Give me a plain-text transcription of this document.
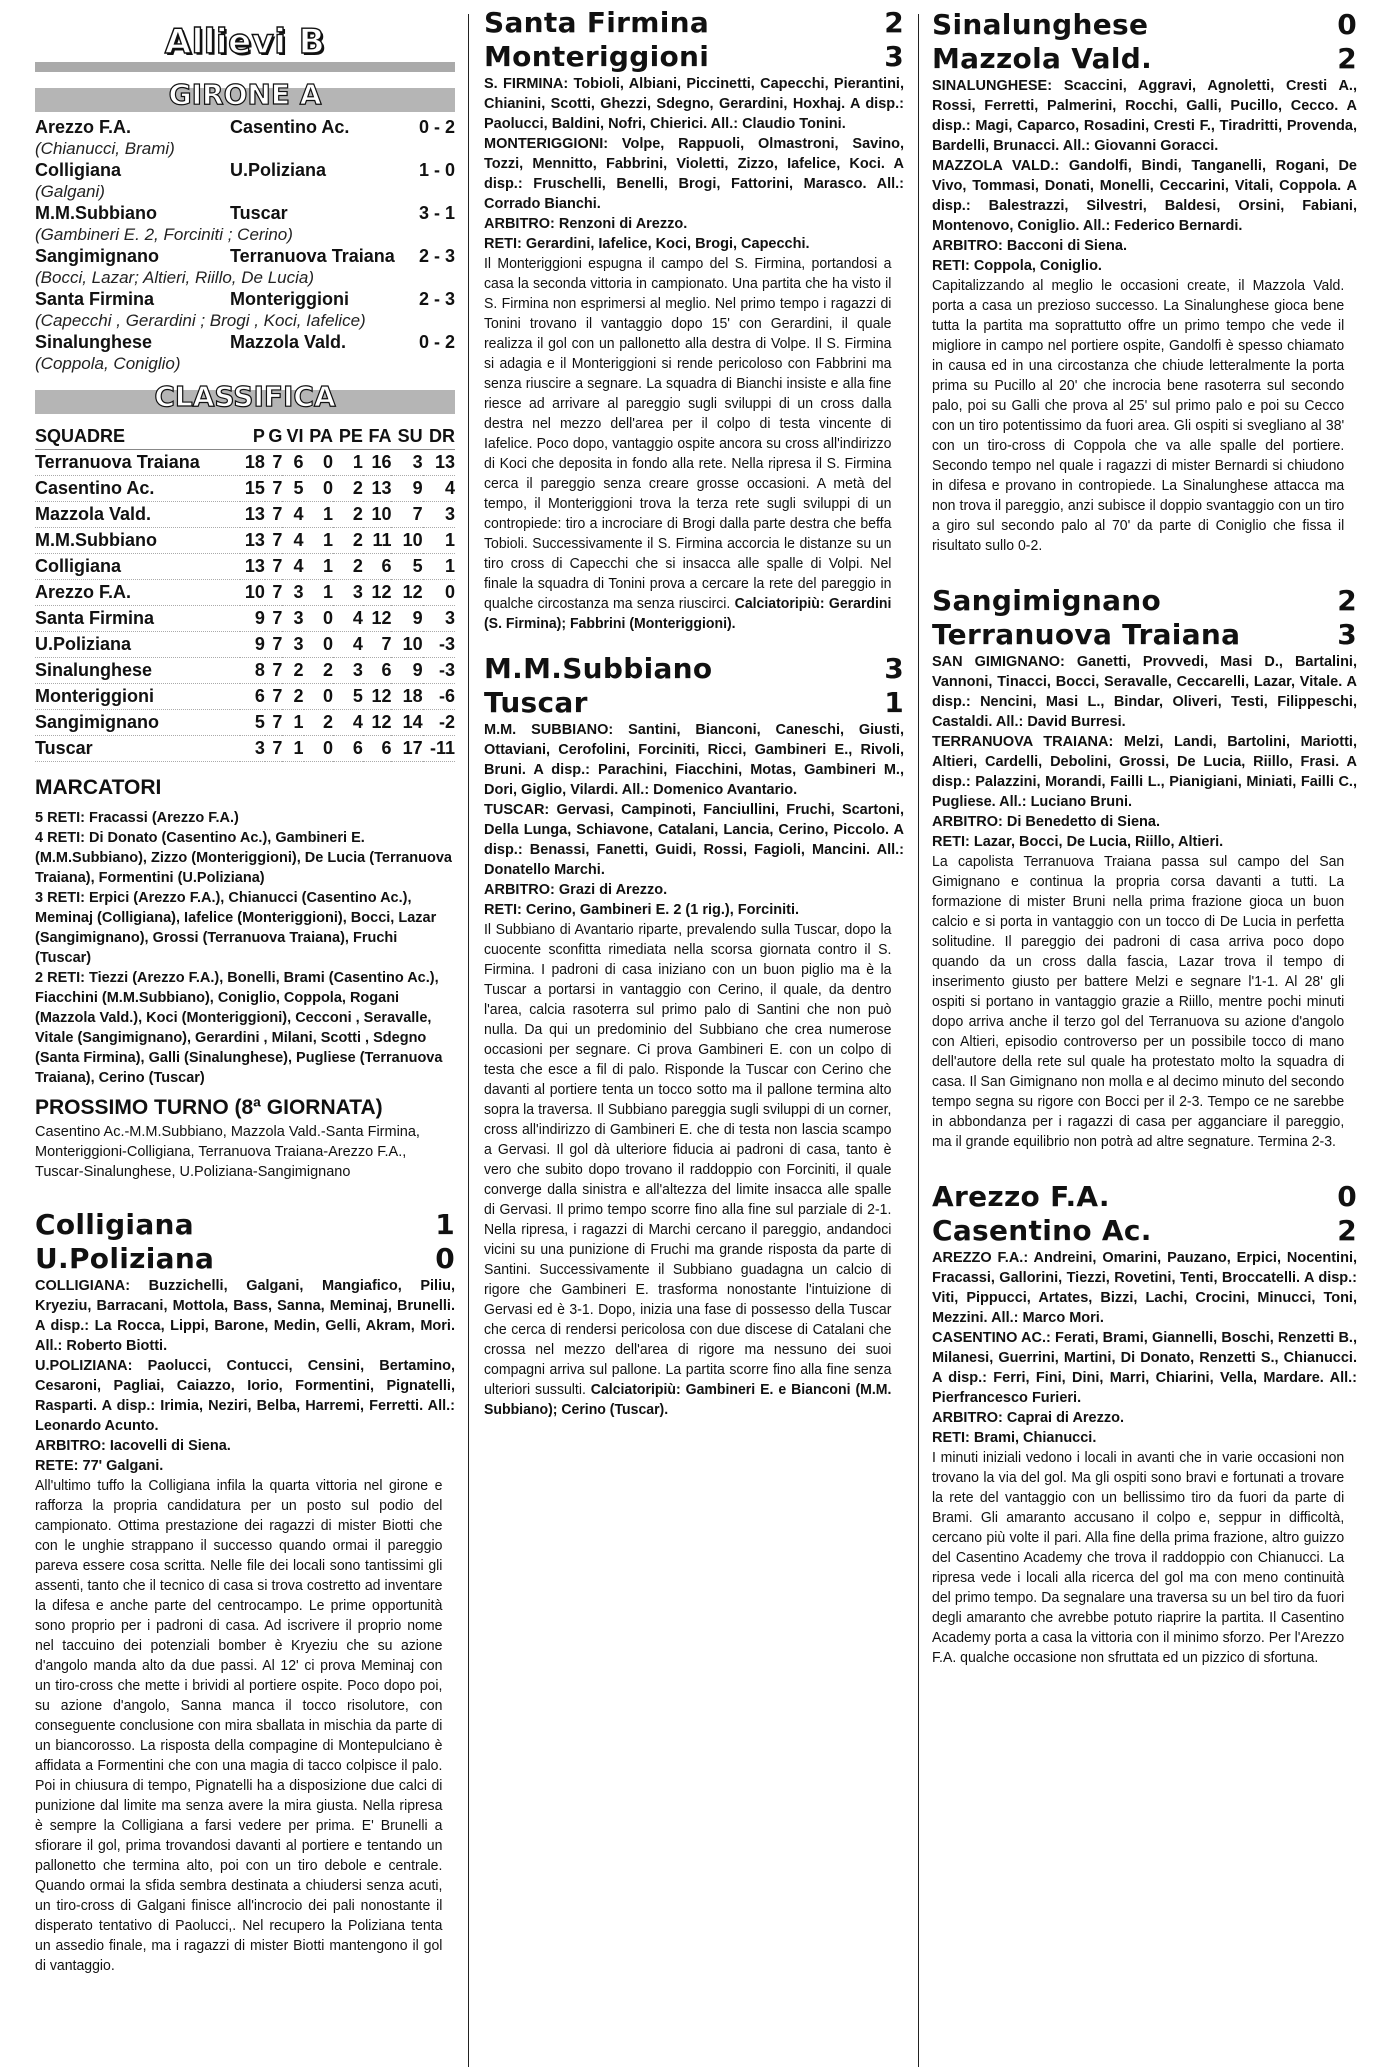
Allievi B
GIRONE A
Arezzo F.A.	Casentino Ac.	0 - 2
(Chianucci, Brami)
Colligiana	U.Poliziana	1 - 0
(Galgani)
M.M.Subbiano	Tuscar	3 - 1
(Gambineri E. 2, Forciniti ; Cerino)
Sangimignano	Terranuova Traiana	2 - 3
(Bocci, Lazar; Altieri, Riillo, De Lucia)
Santa Firmina	Monteriggioni	2 - 3
(Capecchi , Gerardini ; Brogi , Koci, Iafelice)
Sinalunghese	Mazzola Vald.	0 - 2
(Coppola, Coniglio)
CLASSIFICA
SQUADRE	P	G	VI	PA	PE	FA	SU	DR
Terranuova Traiana	18	7	6	0	1	16	3	13
Casentino Ac.	15	7	5	0	2	13	9	4
Mazzola Vald.	13	7	4	1	2	10	7	3
M.M.Subbiano	13	7	4	1	2	11	10	1
Colligiana	13	7	4	1	2	6	5	1
Arezzo F.A.	10	7	3	1	3	12	12	0
Santa Firmina	9	7	3	0	4	12	9	3
U.Poliziana	9	7	3	0	4	7	10	-3
Sinalunghese	8	7	2	2	3	6	9	-3
Monteriggioni	6	7	2	0	5	12	18	-6
Sangimignano	5	7	1	2	4	12	14	-2
Tuscar	3	7	1	0	6	6	17	-11
MARCATORI
5 RETI: Fracassi (Arezzo F.A.)
4 RETI: Di Donato (Casentino Ac.), Gambineri E. (M.M.Subbiano), Zizzo (Monteriggioni), De Lucia (Terranuova Traiana), Formentini (U.Poliziana)
3 RETI: Erpici (Arezzo F.A.), Chianucci (Casentino Ac.), Meminaj (Colligiana), Iafelice (Monteriggioni), Bocci, Lazar (Sangimignano), Grossi (Terranuova Traiana), Fruchi (Tuscar)
2 RETI: Tiezzi (Arezzo F.A.), Bonelli, Brami (Casentino Ac.), Fiacchini (M.M.Subbiano), Coniglio, Coppola, Rogani (Mazzola Vald.), Koci (Monteriggioni), Cecconi , Seravalle, Vitale (Sangimignano), Gerardini , Milani, Scotti , Sdegno (Santa Firmina), Galli (Sinalunghese), Pugliese (Terranuova Traiana), Cerino (Tuscar)
PROSSIMO TURNO (8ª GIORNATA)
Casentino Ac.-M.M.Subbiano, Mazzola Vald.-Santa Firmina, Monteriggioni-Colligiana, Terranuova Traiana-Arezzo F.A., Tuscar-Sinalunghese, U.Poliziana-Sangimignano
Colligiana	1
U.Poliziana	0
COLLIGIANA: Buzzichelli, Galgani, Mangiafico, Piliu, Kryeziu, Barracani, Mottola, Bass, Sanna, Meminaj, Brunelli. A disp.: La Rocca, Lippi, Barone, Medin, Gelli, Akram, Mori. All.: Roberto Biotti.
U.POLIZIANA: Paolucci, Contucci, Censini, Bertamino, Cesaroni, Pagliai, Caiazzo, Iorio, Formentini, Pignatelli, Rasparti. A disp.: Irimia, Neziri, Belba, Harremi, Ferretti. All.: Leonardo Acunto.
ARBITRO: Iacovelli di Siena.
RETE: 77' Galgani.
All'ultimo tuffo la Colligiana infila la quarta vittoria nel girone e rafforza la propria candidatura per un posto sul podio del campionato. Ottima prestazione dei ragazzi di mister Biotti che con le unghie strappano il successo quando ormai il pareggio pareva essere cosa scritta. Nelle file dei locali sono tantissimi gli assenti, tanto che il tecnico di casa si trova costretto ad inventare la difesa e anche parte del centrocampo. Le prime opportunità sono proprio per i padroni di casa. Ad iscrivere il proprio nome nel taccuino dei potenziali bomber è Kryeziu che su azione d'angolo manda alto da due passi. Al 12' ci prova Meminaj con un tiro-cross che mette i brividi al portiere ospite. Poco dopo poi, su azione d'angolo, Sanna manca il tocco risolutore, con conseguente conclusione con mira sballata in mischia da parte di un biancorosso. La risposta della compagine di Montepulciano è affidata a Formentini che con una magia di tacco colpisce il palo. Poi in chiusura di tempo, Pignatelli ha a disposizione due calci di punizione dal limite ma senza avere la mira giusta. Nella ripresa è sempre la Colligiana a farsi vedere per prima. E' Brunelli a sfiorare il gol, prima trovandosi davanti al portiere e tentando un pallonetto che termina alto, poi con un tiro debole e centrale. Quando ormai la sfida sembra destinata a chiudersi senza acuti, un tiro-cross di Galgani finisce all'incrocio dei pali nonostante il disperato tentativo di Paolucci,. Nel recupero la Poliziana tenta un assedio finale, ma i ragazzi di mister Biotti mantengono il gol di vantaggio.
Santa Firmina	2
Monteriggioni	3
S. FIRMINA: Tobioli, Albiani, Piccinetti, Capecchi, Pierantini, Chianini, Scotti, Ghezzi, Sdegno, Gerardini, Hoxhaj. A disp.: Paolucci, Baldini, Nofri, Chierici. All.: Claudio Tonini.
MONTERIGGIONI: Volpe, Rappuoli, Olmastroni, Savino, Tozzi, Mennitto, Fabbrini, Violetti, Zizzo, Iafelice, Koci. A disp.: Fruschelli, Benelli, Brogi, Fattorini, Marasco. All.: Corrado Bianchi.
ARBITRO: Renzoni di Arezzo.
RETI: Gerardini, Iafelice, Koci, Brogi, Capecchi.
Il Monteriggioni espugna il campo del S. Firmina, portandosi a casa la seconda vittoria in campionato. Una partita che ha visto il S. Firmina non esprimersi al meglio. Nel primo tempo i ragazzi di Tonini trovano il vantaggio dopo 15' con Gerardini, il quale realizza il gol con un pallonetto alla destra di Volpe. Il S. Firmina si adagia e il Monteriggioni si rende pericoloso con Fabbrini ma senza riuscire a segnare. La squadra di Bianchi insiste e alla fine riesce ad arrivare al pareggio sugli sviluppi di un cross dalla destra nel mezzo dell'area per il colpo di testa vincente di Iafelice. Poco dopo, vantaggio ospite ancora su cross all'indirizzo di Koci che deposita in fondo alla rete. Nella ripresa il S. Firmina cerca il pareggio senza creare grosse occasioni. A metà del tempo, il Monteriggioni trova la terza rete sugli sviluppi di un contropiede: tiro a incrociare di Brogi dalla parte destra che beffa Tobioli. Successivamente il S. Firmina accorcia le distanze su un tiro cross di Capecchi che si insacca alle spalle di Volpi. Nel finale la squadra di Tonini prova a cercare la rete del pareggio in qualche circostanza ma senza riuscirci. Calciatoripiù: Gerardini (S. Firmina); Fabbrini (Monteriggioni).
M.M.Subbiano	3
Tuscar	1
M.M. SUBBIANO: Santini, Bianconi, Caneschi, Giusti, Ottaviani, Cerofolini, Forciniti, Ricci, Gambineri E., Rivoli, Bruni. A disp.: Parachini, Fiacchini, Motas, Gambineri M., Dori, Giglio, Vilardi. All.: Domenico Avantario.
TUSCAR: Gervasi, Campinoti, Fanciullini, Fruchi, Scartoni, Della Lunga, Schiavone, Catalani, Lancia, Cerino, Piccolo. A disp.: Benassi, Fanetti, Guidi, Rossi, Fagioli, Mancini. All.: Donatello Marchi.
ARBITRO: Grazi di Arezzo.
RETI: Cerino, Gambineri E. 2 (1 rig.), Forciniti.
Il Subbiano di Avantario riparte, prevalendo sulla Tuscar, dopo la cuocente sconfitta rimediata nella scorsa giornata contro il S. Firmina. I padroni di casa iniziano con un buon piglio ma è la Tuscar a portarsi in vantaggio con Cerino, il quale, da dentro l'area, calcia rasoterra sul primo palo di Santini che non può nulla. Da qui un predominio del Subbiano che crea numerose occasioni per segnare. Ci prova Gambineri E. con un colpo di testa che esce a fil di palo. Risponde la Tuscar con Cerino che davanti al portiere tenta un tocco sotto ma il pallone termina alto sopra la traversa. Il Subbiano pareggia sugli sviluppi di un corner, cross all'indirizzo di Gambineri E. che di testa non lascia scampo a Gervasi. Il gol dà ulteriore fiducia ai padroni di casa, tanto è vero che subito dopo trovano il raddoppio con Forciniti, il quale converge dalla sinistra e all'altezza del limite insacca alle spalle di Gervasi. Il primo tempo scorre fino alla fine sul parziale di 2-1. Nella ripresa, i ragazzi di Marchi cercano il pareggio, andandoci vicini su una punizione di Fruchi ma grande risposta da parte di Santini. Successivamente il Subbiano guadagna un calcio di rigore che Gambineri E. trasforma nonostante l'intuizione di Gervasi ed è 3-1. Dopo, inizia una fase di possesso della Tuscar che cerca di rendersi pericolosa con due discese di Catalani che crossa nel mezzo dell'area di rigore ma nessuno dei suoi compagni arriva sul pallone. La partita scorre fino alla fine senza ulteriori sussulti. Calciatoripiù: Gambineri E. e Bianconi (M.M. Subbiano); Cerino (Tuscar).
Sinalunghese	0
Mazzola Vald.	2
SINALUNGHESE: Scaccini, Aggravi, Agnoletti, Cresti A., Rossi, Ferretti, Palmerini, Rocchi, Galli, Pucillo, Cecco. A disp.: Magi, Caparco, Rosadini, Cresti F., Tiradritti, Provenda, Bardelli, Brunacci. All.: Giovanni Goracci.
MAZZOLA VALD.: Gandolfi, Bindi, Tanganelli, Rogani, De Vivo, Tommasi, Donati, Monelli, Ceccarini, Vitali, Coppola. A disp.: Balestrazzi, Silvestri, Baldesi, Orsini, Fabiani, Montenovo, Coniglio. All.: Federico Bernardi.
ARBITRO: Bacconi di Siena.
RETI: Coppola, Coniglio.
Capitalizzando al meglio le occasioni create, il Mazzola Vald. porta a casa un prezioso successo. La Sinalunghese gioca bene tutta la partita ma soprattutto offre un primo tempo che vede il migliore in campo nel portiere ospite, Gandolfi è spesso chiamato in causa ed in una circostanza che chiude letteralmente la porta prima su Pucillo al 20' che incrocia bene rasoterra sul secondo palo, poi su Galli che prova al 25' sul primo palo e poi su Cecco con un tiro potentissimo da fuori area. Gli ospiti si svegliano al 38' con un tiro-cross di Coppola che va alle spalle del portiere. Secondo tempo nel quale i ragazzi di mister Bernardi si chiudono in difesa e provano in contropiede. La Sinalunghese attacca ma non trova il pareggio, anzi subisce il doppio svantaggio con un tiro a giro sul secondo palo al 70' da parte di Coniglio che fissa il risultato sullo 0-2.
Sangimignano	2
Terranuova Traiana	3
SAN GIMIGNANO: Ganetti, Provvedi, Masi D., Bartalini, Vannoni, Tinacci, Bocci, Seravalle, Ceccarelli, Lazar, Vitale. A disp.: Nencini, Masi L., Bindar, Oliveri, Testi, Filippeschi, Castaldi. All.: David Burresi.
TERRANUOVA TRAIANA: Melzi, Landi, Bartolini, Mariotti, Altieri, Cardelli, Debolini, Grossi, De Lucia, Riillo, Frasi. A disp.: Palazzini, Morandi, Failli L., Pianigiani, Miniati, Failli C., Pugliese. All.: Luciano Bruni.
ARBITRO: Di Benedetto di Siena.
RETI: Lazar, Bocci, De Lucia, Riillo, Altieri.
La capolista Terranuova Traiana passa sul campo del San Gimignano e continua la propria corsa davanti a tutti. La formazione di mister Bruni nella prima frazione gioca un buon calcio e si porta in vantaggio con un tocco di De Lucia in perfetta solitudine. Il pareggio dei padroni di casa arriva poco dopo quando da un cross dalla fascia, Lazar trova il tempo di inserimento giusto per battere Melzi e segnare l'1-1. Al 28' gli ospiti si portano in vantaggio grazie a Riillo, mentre pochi minuti dopo arriva anche il terzo gol del Terranuova su azione d'angolo con Altieri, episodio controverso per un possibile tocco di mano dell'autore della rete sul quale ha protestato molto la squadra di casa. Il San Gimignano non molla e al decimo minuto del secondo tempo segna su rigore con Bocci per il 2-3. Tempo ce ne sarebbe in abbondanza per i ragazzi di casa per agganciare il pareggio, ma il grande equilibrio non potrà ad altre segnature. Termina 2-3.
Arezzo F.A.	0
Casentino Ac.	2
AREZZO F.A.: Andreini, Omarini, Pauzano, Erpici, Nocentini, Fracassi, Gallorini, Tiezzi, Rovetini, Tenti, Broccatelli. A disp.: Viti, Pippucci, Artates, Bizzi, Lachi, Crocini, Minucci, Toni, Mezzini. All.: Marco Mori.
CASENTINO AC.: Ferati, Brami, Giannelli, Boschi, Renzetti B., Milanesi, Guerrini, Martini, Di Donato, Renzetti S., Chianucci. A disp.: Ferri, Fini, Dini, Marri, Chiarini, Vella, Mardare. All.: Pierfrancesco Furieri.
ARBITRO: Caprai di Arezzo.
RETI: Brami, Chianucci.
I minuti iniziali vedono i locali in avanti che in varie occasioni non trovano la via del gol. Ma gli ospiti sono bravi e fortunati a trovare la rete del vantaggio con un bellissimo tiro da fuori da parte di Brami. Gli amaranto accusano il colpo e, seppur in difficoltà, cercano più volte il pari. Alla fine della prima frazione, altro guizzo del Casentino Academy che trova il raddoppio con Chianucci. La ripresa vede i locali alla ricerca del gol ma con meno continuità del primo tempo. Da segnalare una traversa su un bel tiro da fuori degli amaranto che avrebbe potuto riaprire la partita. Il Casentino Academy porta a casa la vittoria con il minimo sforzo. Per l'Arezzo F.A. qualche occasione non sfruttata ed un pizzico di sfortuna.
